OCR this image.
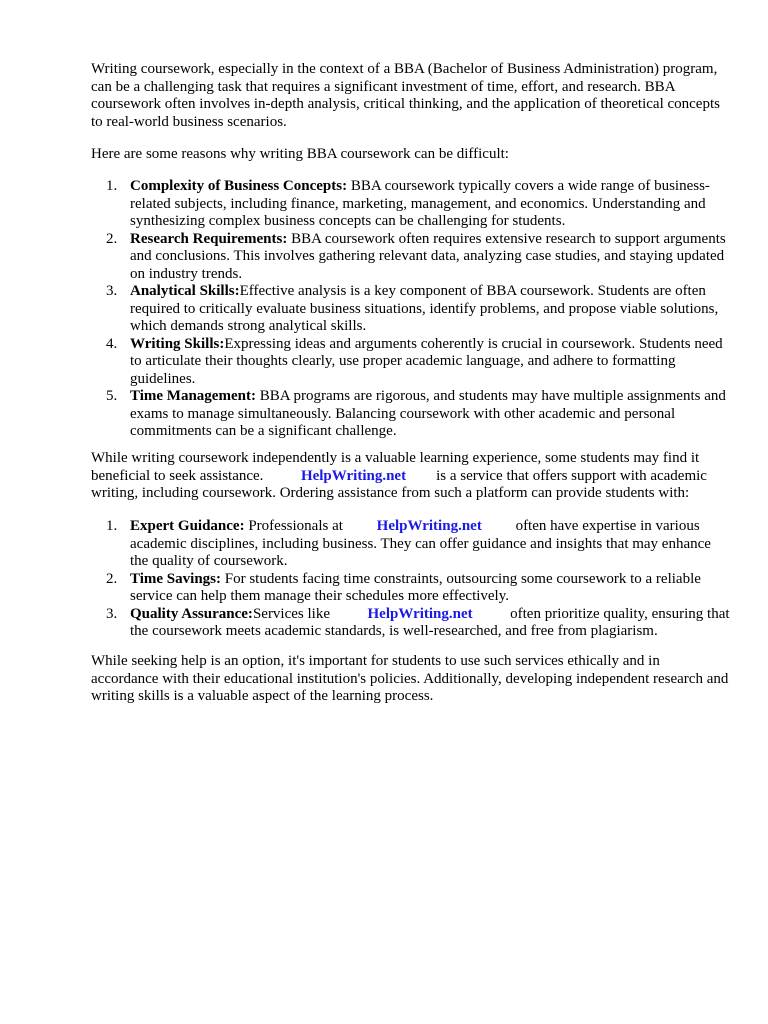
Writing coursework, especially in the context of a BBA (Bachelor of Business Administration) program, can be a challenging task that requires a significant investment of time, effort, and research. BBA coursework often involves in-depth analysis, critical thinking, and the application of theoretical concepts to real-world business scenarios.

Here are some reasons why writing BBA coursework can be difficult:

1. Complexity of Business Concepts: BBA coursework typically covers a wide range of business-related subjects, including finance, marketing, management, and economics. Understanding and synthesizing complex business concepts can be challenging for students.
2. Research Requirements: BBA coursework often requires extensive research to support arguments and conclusions. This involves gathering relevant data, analyzing case studies, and staying updated on industry trends.
3. Analytical Skills:Effective analysis is a key component of BBA coursework. Students are often required to critically evaluate business situations, identify problems, and propose viable solutions, which demands strong analytical skills.
4. Writing Skills:Expressing ideas and arguments coherently is crucial in coursework. Students need to articulate their thoughts clearly, use proper academic language, and adhere to formatting guidelines.
5. Time Management: BBA programs are rigorous, and students may have multiple assignments and exams to manage simultaneously. Balancing coursework with other academic and personal commitments can be a significant challenge.

While writing coursework independently is a valuable learning experience, some students may find it beneficial to seek assistance.	HelpWriting.net is a service that offers support with academic writing, including coursework. Ordering assistance from such a platform can provide students with:

1. Expert Guidance: Professionals at HelpWriting.net often have expertise in various academic disciplines, including business. They can offer guidance and insights that may enhance the quality of coursework.
2. Time Savings: For students facing time constraints, outsourcing some coursework to a reliable service can help them manage their schedules more effectively.
3. Quality Assurance:Services like	HelpWriting.net	often prioritize quality, ensuring that the coursework meets academic standards, is well-researched, and free from plagiarism.

While seeking help is an option, it's important for students to use such services ethically and in accordance with their educational institution's policies. Additionally, developing independent research and writing skills is a valuable aspect of the learning process.
